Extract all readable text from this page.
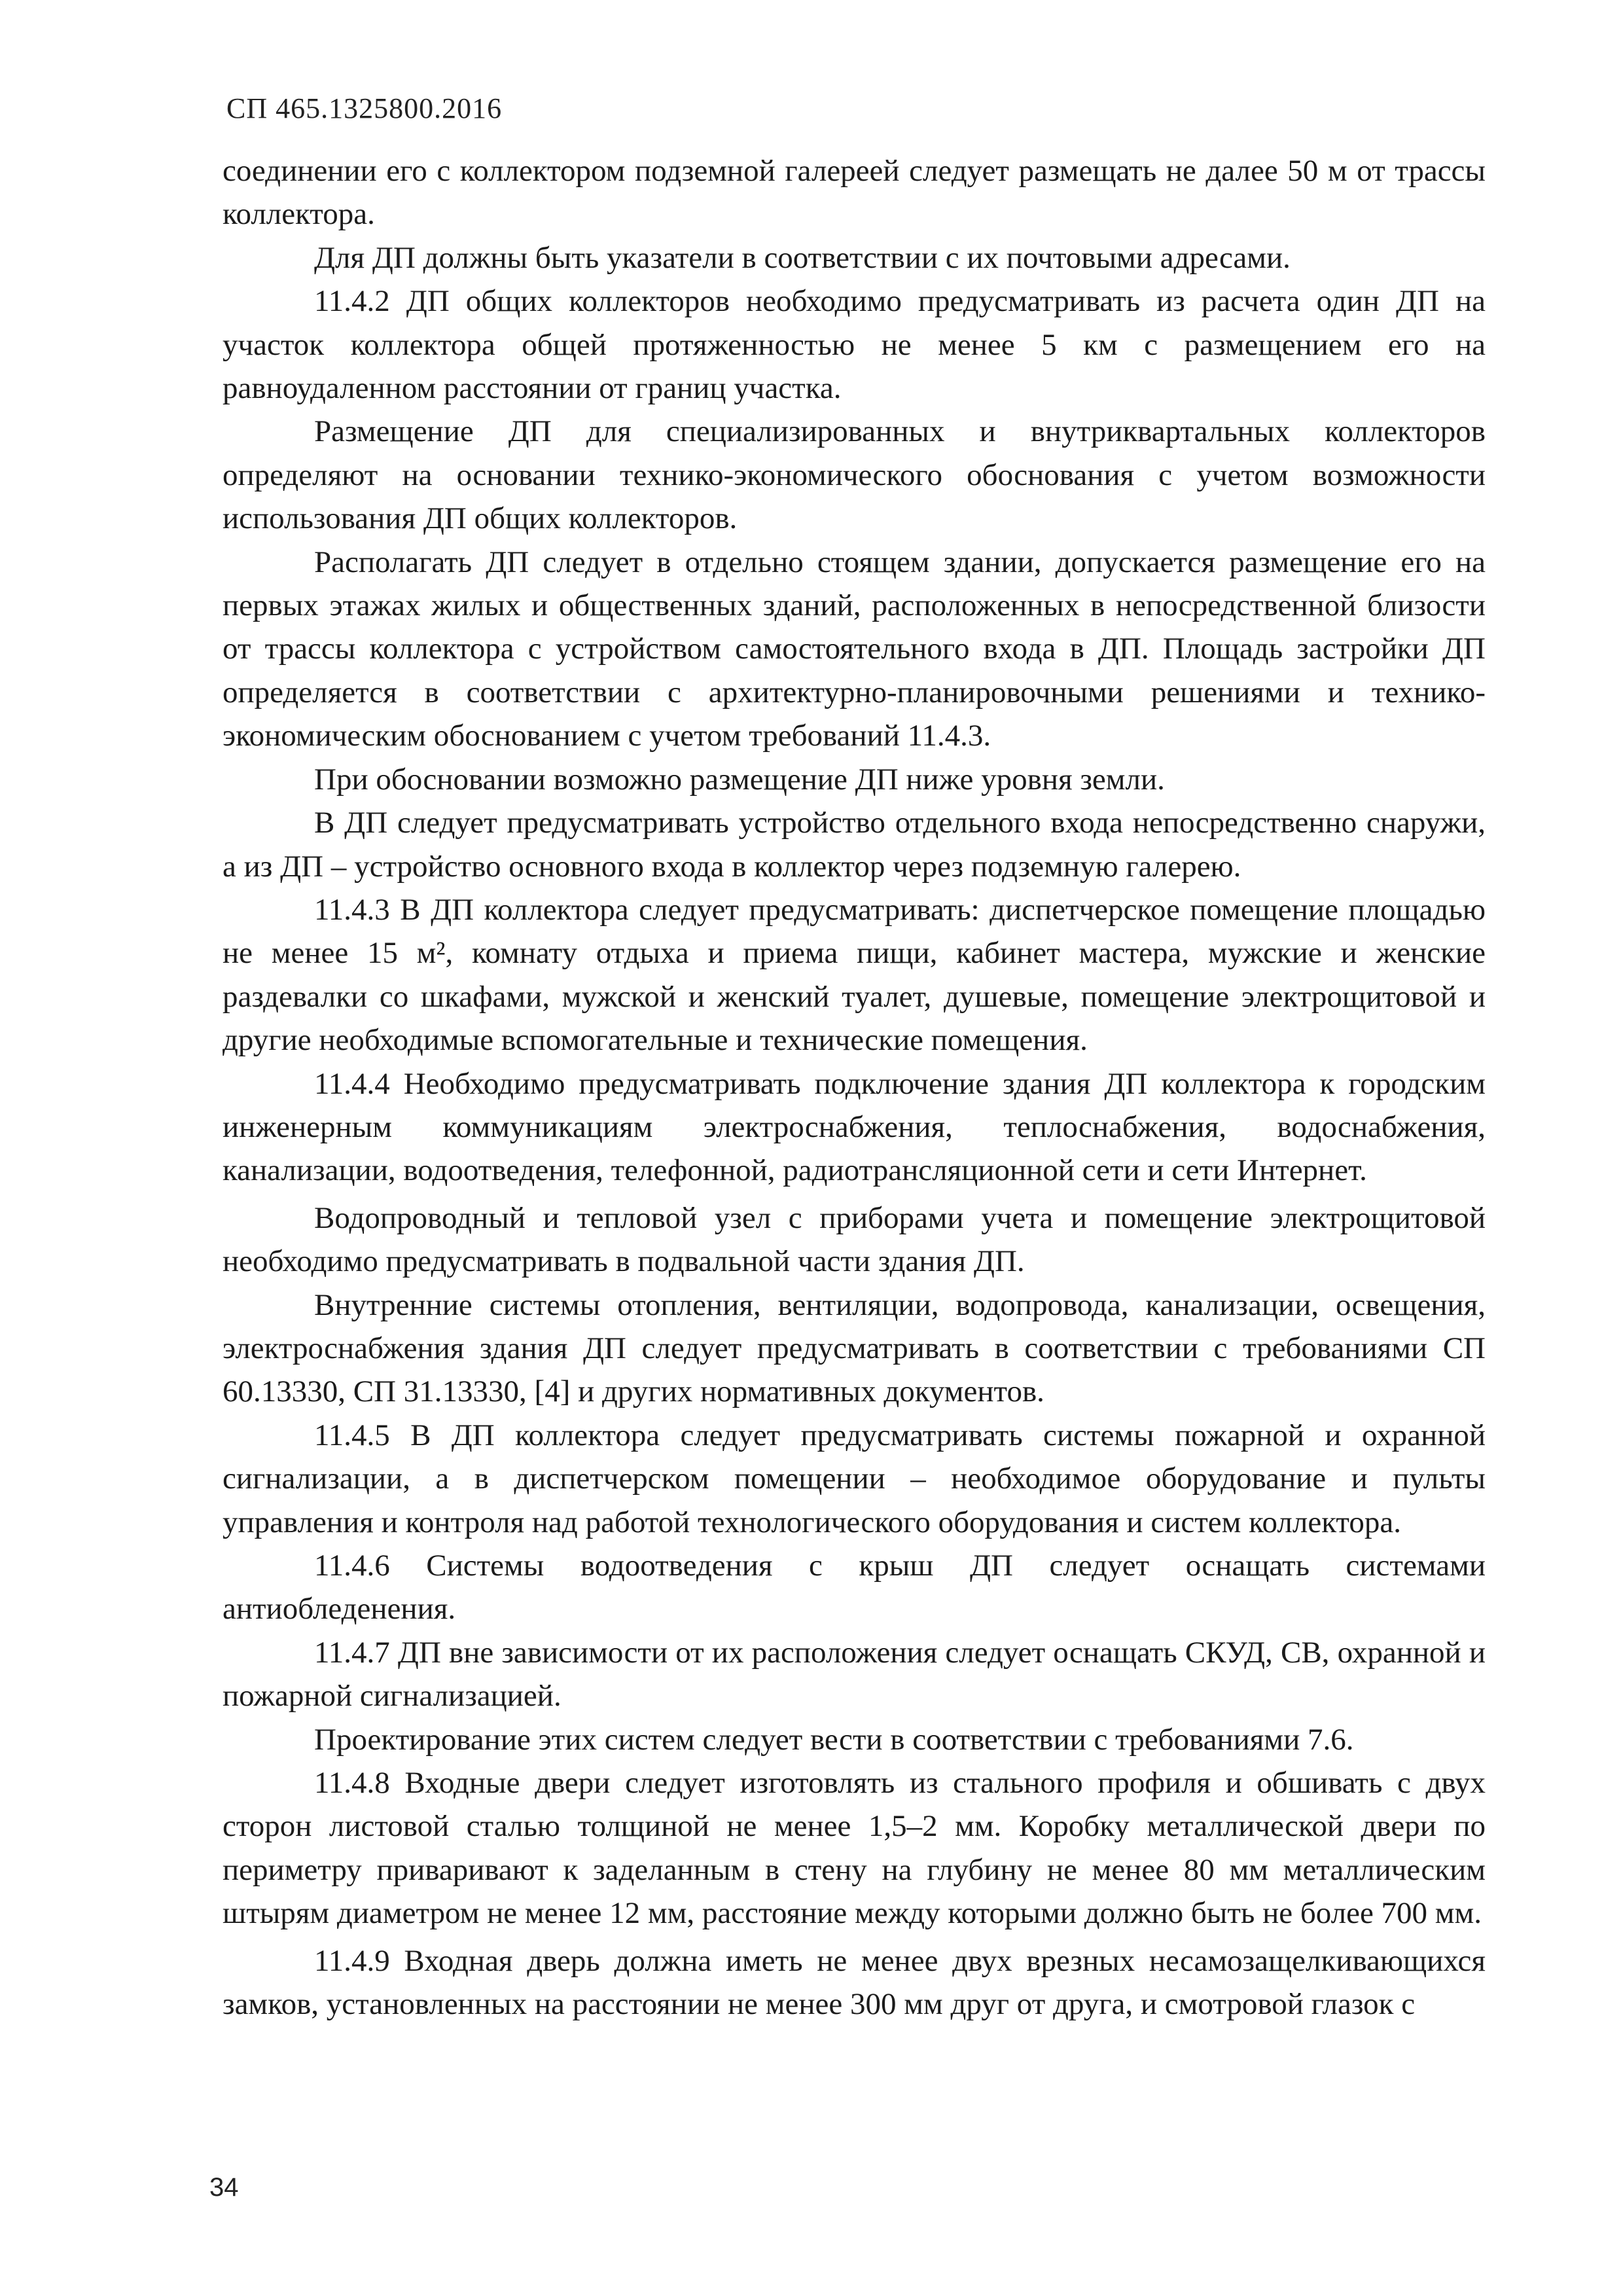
СП 465.1325800.2016

соединении его с коллектором подземной галереей следует размещать не далее 50 м от трассы коллектора.

Для ДП должны быть указатели в соответствии с их почтовыми адресами.

11.4.2 ДП общих коллекторов необходимо предусматривать из расчета один ДП на участок коллектора общей протяженностью не менее 5 км с размещением его на равноудаленном расстоянии от границ участка.

Размещение ДП для специализированных и внутриквартальных коллекторов определяют на основании технико-экономического обоснования с учетом возможности использования ДП общих коллекторов.

Располагать ДП следует в отдельно стоящем здании, допускается размещение его на первых этажах жилых и общественных зданий, расположенных в непосредственной близости от трассы коллектора с устройством самостоятельного входа в ДП. Площадь застройки ДП определяется в соответствии с архитектурно-планировочными решениями и технико-экономическим обоснованием с учетом требований 11.4.3.

При обосновании возможно размещение ДП ниже уровня земли.

В ДП следует предусматривать устройство отдельного входа непосредственно снаружи, а из ДП – устройство основного входа в коллектор через подземную галерею.

11.4.3 В ДП коллектора следует предусматривать: диспетчерское помещение площадью не менее 15 м², комнату отдыха и приема пищи, кабинет мастера, мужские и женские раздевалки со шкафами, мужской и женский туалет, душевые, помещение электрощитовой и другие необходимые вспомогательные и технические помещения.

11.4.4 Необходимо предусматривать подключение здания ДП коллектора к городским инженерным коммуникациям электроснабжения, теплоснабжения, водоснабжения, канализации, водоотведения, телефонной, радиотрансляционной сети и сети Интернет.

Водопроводный и тепловой узел с приборами учета и помещение электрощитовой необходимо предусматривать в подвальной части здания ДП.

Внутренние системы отопления, вентиляции, водопровода, канализации, освещения, электроснабжения здания ДП следует предусматривать в соответствии с требованиями СП 60.13330, СП 31.13330, [4] и других нормативных документов.

11.4.5 В ДП коллектора следует предусматривать системы пожарной и охранной сигнализации, а в диспетчерском помещении – необходимое оборудование и пульты управления и контроля над работой технологического оборудования и систем коллектора.

11.4.6 Системы водоотведения с крыш ДП следует оснащать системами антиобледенения.

11.4.7 ДП вне зависимости от их расположения следует оснащать СКУД, СВ, охранной и пожарной сигнализацией.

Проектирование этих систем следует вести в соответствии с требованиями 7.6.

11.4.8 Входные двери следует изготовлять из стального профиля и обшивать с двух сторон листовой сталью толщиной не менее 1,5–2 мм. Коробку металлической двери по периметру приваривают к заделанным в стену на глубину не менее 80 мм металлическим штырям диаметром не менее 12 мм, расстояние между которыми должно быть не более 700 мм.

11.4.9 Входная дверь должна иметь не менее двух врезных несамозащелкивающихся замков, установленных на расстоянии не менее 300 мм друг от друга, и смотровой глазок с

34
